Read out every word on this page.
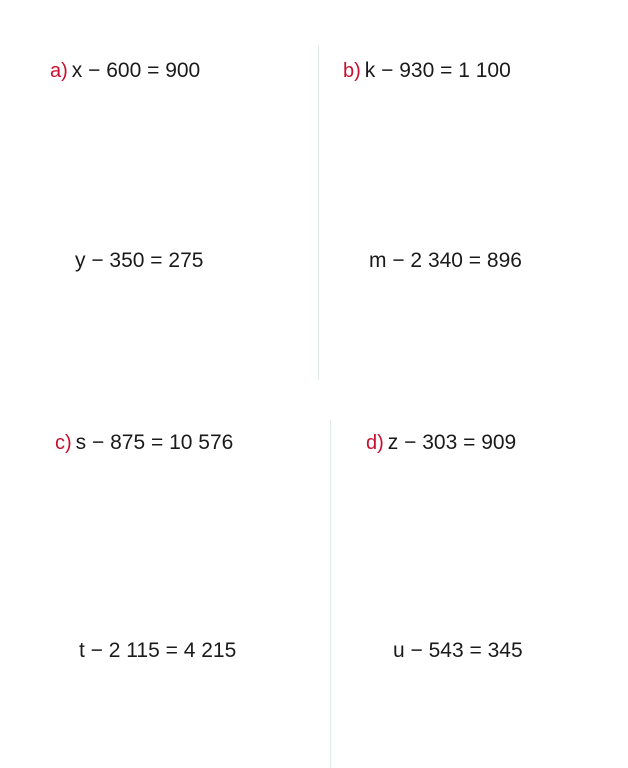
a) x − 600 = 900
y − 350 = 275
b) k − 930 = 1 100
m − 2 340 = 896
c) s − 875 = 10 576
t − 2 115 = 4 215
d) z − 303 = 909
u − 543 = 345
